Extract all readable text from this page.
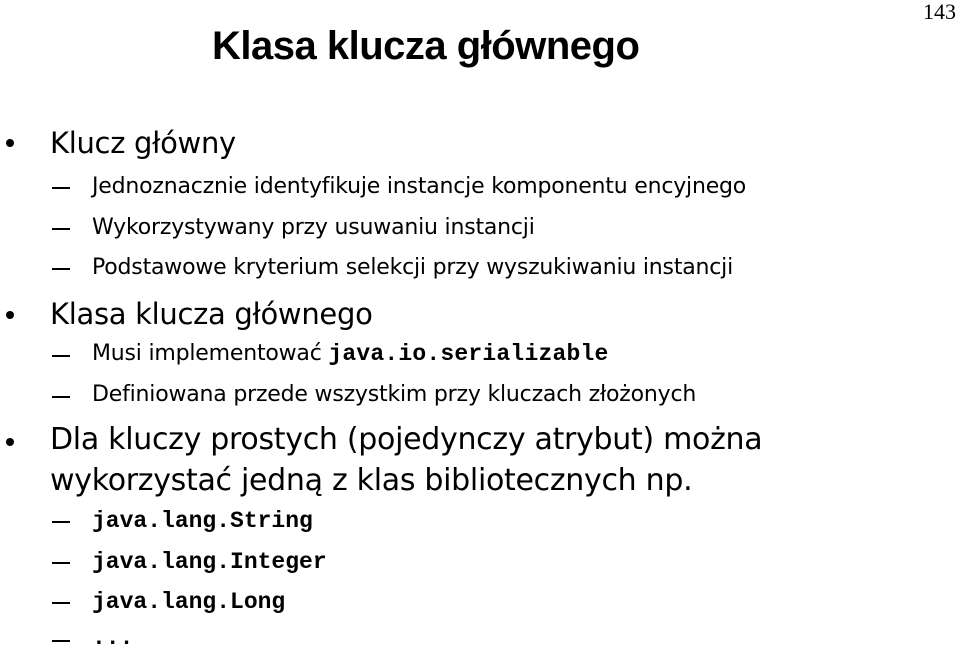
143
Klasa klucza głównego
Klucz główny
Jednoznacznie identyfikuje instancje komponentu encyjnego
Wykorzystywany przy usuwaniu instancji
Podstawowe kryterium selekcji przy wyszukiwaniu instancji
Klasa klucza głównego
Musi implementować java.io.serializable
Definiowana przede wszystkim przy kluczach złożonych
Dla kluczy prostych (pojedynczy atrybut) można
wykorzystać jedną z klas bibliotecznych np.
java.lang.String
java.lang.Integer
java.lang.Long
...
